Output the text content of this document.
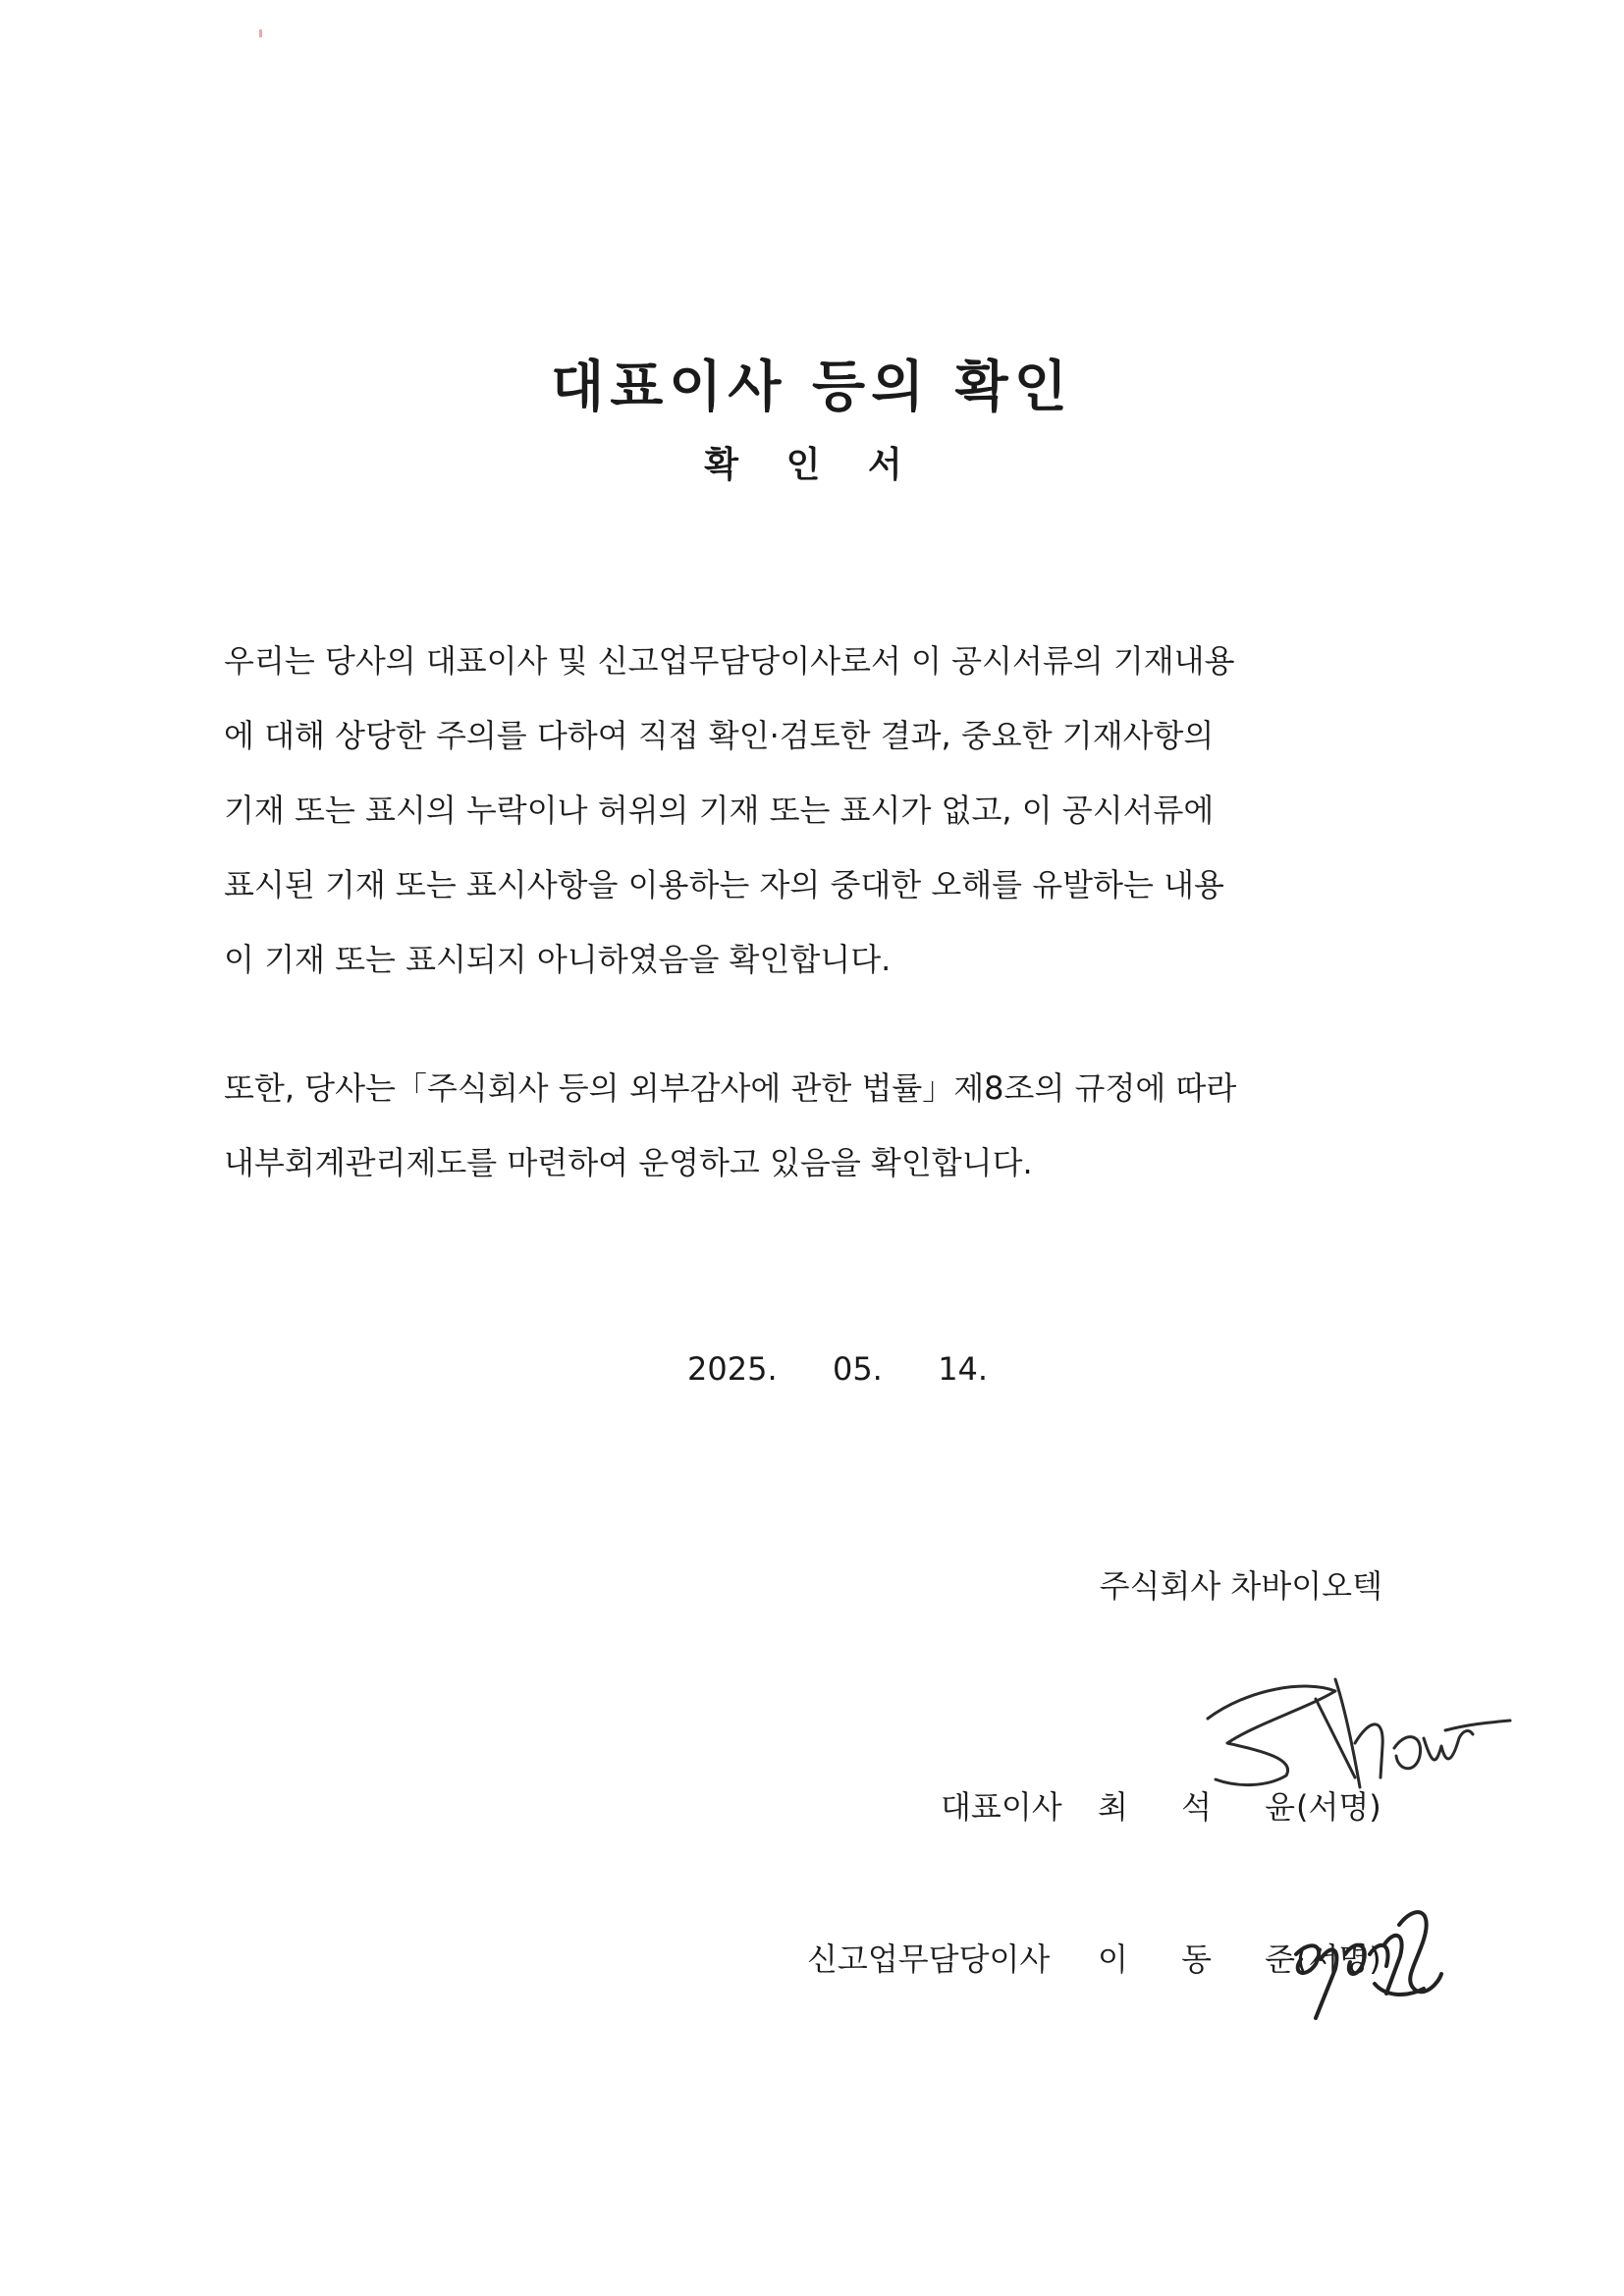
대표이사 등의 확인
확 인 서
우리는 당사의 대표이사 및 신고업무담당이사로서 이 공시서류의 기재내용
에 대해 상당한 주의를 다하여 직접 확인·검토한 결과, 중요한 기재사항의
기재 또는 표시의 누락이나 허위의 기재 또는 표시가 없고, 이 공시서류에
표시된 기재 또는 표시사항을 이용하는 자의 중대한 오해를 유발하는 내용
이 기재 또는 표시되지 아니하였음을 확인합니다.
또한, 당사는「주식회사 등의 외부감사에 관한 법률」제8조의 규정에 따라
내부회계관리제도를 마련하여 운영하고 있음을 확인합니다.
2025.  05.  14.
주식회사 차바이오텍
대표이사 최 석 윤
(서명)
신고업무담당이사 이 동 준
(서명)
